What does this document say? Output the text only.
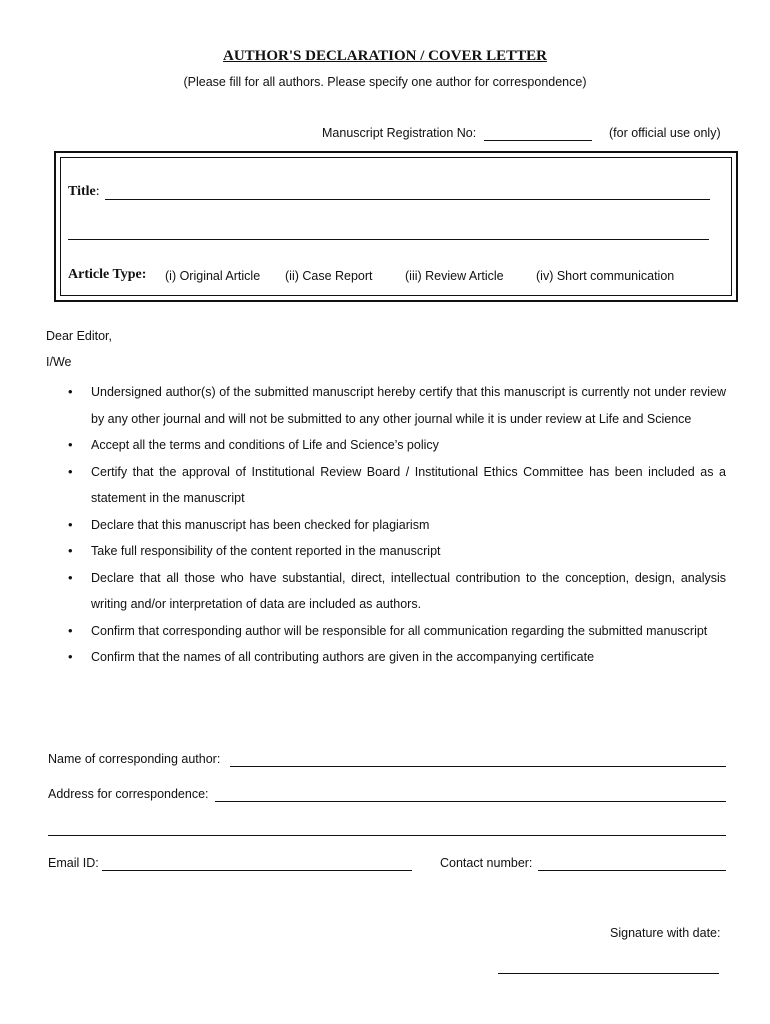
AUTHOR'S DECLARATION / COVER LETTER
(Please fill for all authors. Please specify one author for correspondence)
Manuscript Registration No:	(for official use only)
Title:
Article Type: (i) Original Article (ii) Case Report	(iii) Review Article	(iv) Short communication
Dear Editor,
I/We
• Undersigned author(s) of the submitted manuscript hereby certify that this manuscript is currently not under review by any other journal and will not be submitted to any other journal while it is under review at Life and Science
• Accept all the terms and conditions of Life and Science’s policy
• Certify that the approval of Institutional Review Board / Institutional Ethics Committee has been included as a statement in the manuscript
• Declare that this manuscript has been checked for plagiarism
• Take full responsibility of the content reported in the manuscript
• Declare that all those who have substantial, direct, intellectual contribution to the conception, design, analysis writing and/or interpretation of data are included as authors.
• Confirm that corresponding author will be responsible for all communication regarding the submitted manuscript
• Confirm that the names of all contributing authors are given in the accompanying certificate
Name of corresponding author:
Address for correspondence:
Email ID:	Contact number:
Signature with date:
